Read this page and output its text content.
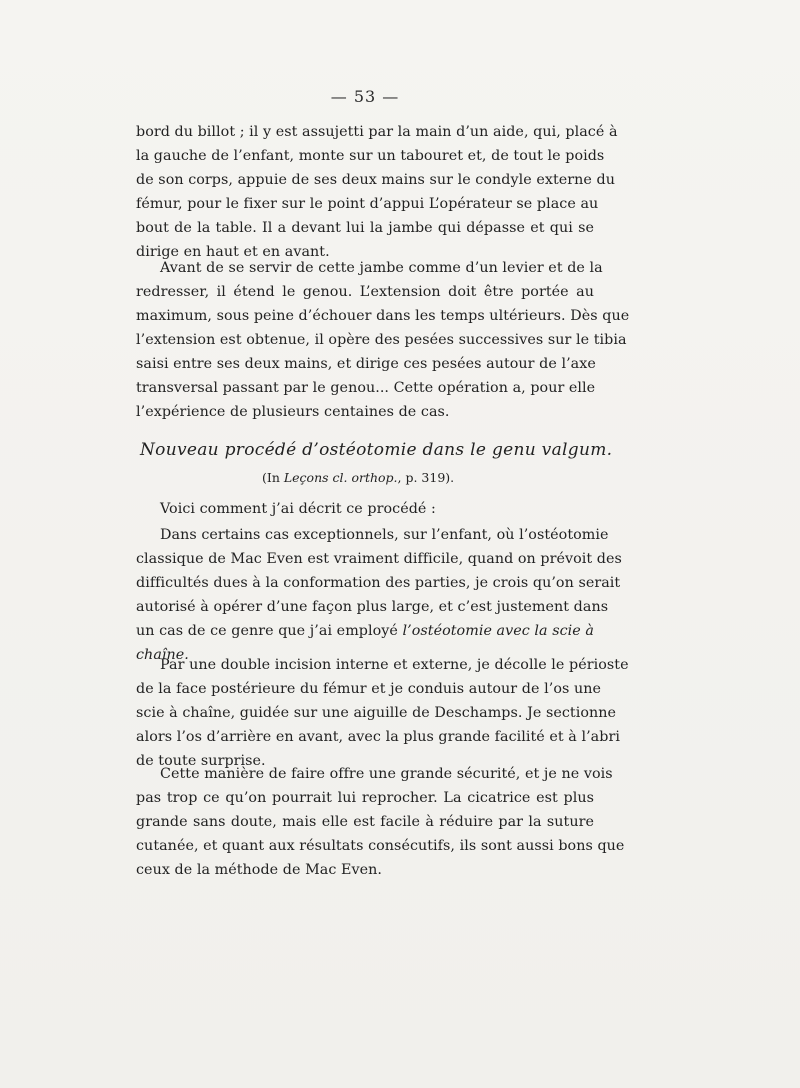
— 53 —
bord du billot ; il y est assujetti par la main d’un aide, qui, placé à
la gauche de l’enfant, monte sur un tabouret et, de tout le poids
de son corps, appuie de ses deux mains sur le condyle externe du
fémur, pour le fixer sur le point d’appui L’opérateur se place au
bout de la table. Il a devant lui la jambe qui dépasse et qui se
dirige en haut et en avant.
Avant de se servir de cette jambe comme d’un levier et de la
redresser, il étend le genou. L’extension doit être portée au
maximum, sous peine d’échouer dans les temps ultérieurs. Dès que
l’extension est obtenue, il opère des pesées successives sur le tibia
saisi entre ses deux mains, et dirige ces pesées autour de l’axe
transversal passant par le genou... Cette opération a, pour elle
l’expérience de plusieurs centaines de cas.
Nouveau procédé d’ostéotomie dans le genu valgum.
(In Leçons cl. orthop., p. 319).
Voici comment j’ai décrit ce procédé :
Dans certains cas exceptionnels, sur l’enfant, où l’ostéotomie
classique de Mac Even est vraiment difficile, quand on prévoit des
difficultés dues à la conformation des parties, je crois qu’on serait
autorisé à opérer d’une façon plus large, et c’est justement dans
un cas de ce genre que j’ai employé l’ostéotomie avec la scie à
chaîne.
Par une double incision interne et externe, je décolle le périoste
de la face postérieure du fémur et je conduis autour de l’os une
scie à chaîne, guidée sur une aiguille de Deschamps. Je sectionne
alors l’os d’arrière en avant, avec la plus grande facilité et à l’abri
de toute surprise.
Cette manière de faire offre une grande sécurité, et je ne vois
pas trop ce qu’on pourrait lui reprocher. La cicatrice est plus
grande sans doute, mais elle est facile à réduire par la suture
cutanée, et quant aux résultats consécutifs, ils sont aussi bons que
ceux de la méthode de Mac Even.
